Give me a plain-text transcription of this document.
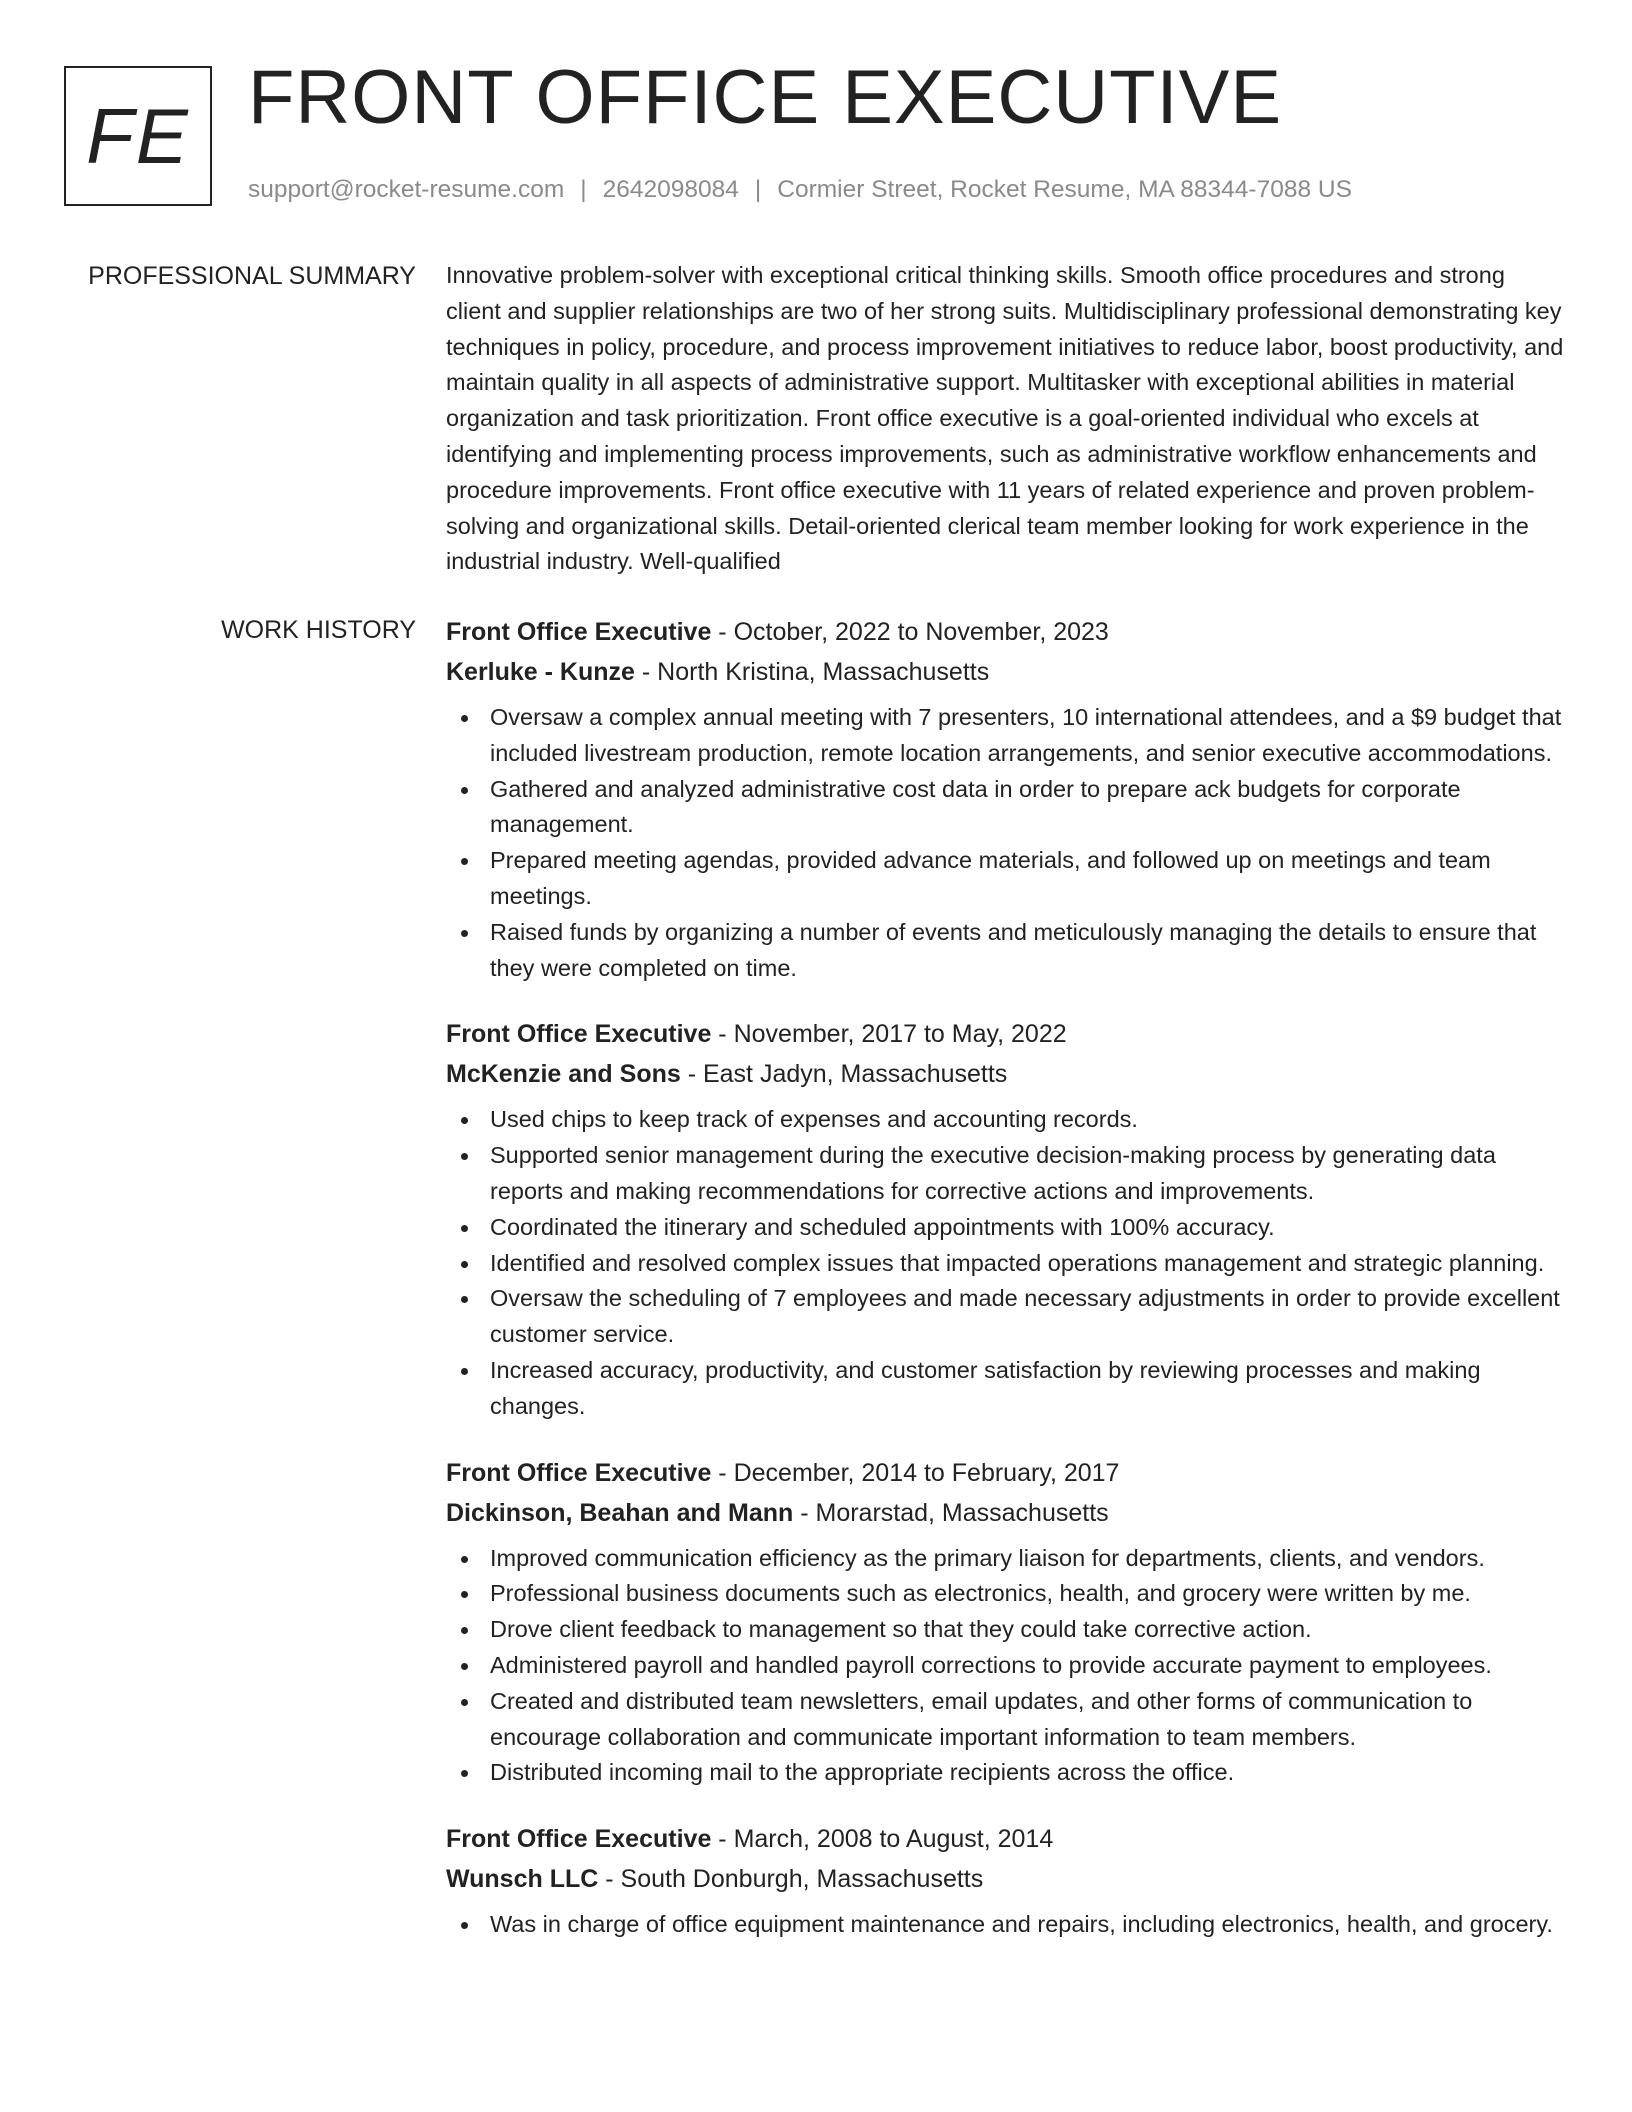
FE FRONT OFFICE EXECUTIVE
support@rocket-resume.com | 2642098084 | Cormier Street, Rocket Resume, MA 88344-7088 US
PROFESSIONAL SUMMARY Innovative problem-solver with exceptional critical thinking skills. Smooth office procedures and strong client and supplier relationships are two of her strong suits. Multidisciplinary professional demonstrating key techniques in policy, procedure, and process improvement initiatives to reduce labor, boost productivity, and maintain quality in all aspects of administrative support. Multitasker with exceptional abilities in material organization and task prioritization. Front office executive is a goal-oriented individual who excels at identifying and implementing process improvements, such as administrative workflow enhancements and procedure improvements. Front office executive with 11 years of related experience and proven problem-solving and organizational skills. Detail-oriented clerical team member looking for work experience in the industrial industry. Well-qualified

WORK HISTORY Front Office Executive - October, 2022 to November, 2023
Kerluke - Kunze - North Kristina, Massachusetts
Oversaw a complex annual meeting with 7 presenters, 10 international attendees, and a $9 budget that included livestream production, remote location arrangements, and senior executive accommodations.
Gathered and analyzed administrative cost data in order to prepare ack budgets for corporate management.
Prepared meeting agendas, provided advance materials, and followed up on meetings and team meetings.
Raised funds by organizing a number of events and meticulously managing the details to ensure that they were completed on time.
Front Office Executive - November, 2017 to May, 2022
McKenzie and Sons - East Jadyn, Massachusetts
Used chips to keep track of expenses and accounting records.
Supported senior management during the executive decision-making process by generating data reports and making recommendations for corrective actions and improvements.
Coordinated the itinerary and scheduled appointments with 100% accuracy.
Identified and resolved complex issues that impacted operations management and strategic planning.
Oversaw the scheduling of 7 employees and made necessary adjustments in order to provide excellent customer service.
Increased accuracy, productivity, and customer satisfaction by reviewing processes and making changes.
Front Office Executive - December, 2014 to February, 2017
Dickinson, Beahan and Mann - Morarstad, Massachusetts
Improved communication efficiency as the primary liaison for departments, clients, and vendors.
Professional business documents such as electronics, health, and grocery were written by me.
Drove client feedback to management so that they could take corrective action.
Administered payroll and handled payroll corrections to provide accurate payment to employees.
Created and distributed team newsletters, email updates, and other forms of communication to encourage collaboration and communicate important information to team members.
Distributed incoming mail to the appropriate recipients across the office.
Front Office Executive - March, 2008 to August, 2014
Wunsch LLC - South Donburgh, Massachusetts
Was in charge of office equipment maintenance and repairs, including electronics, health, and grocery.
